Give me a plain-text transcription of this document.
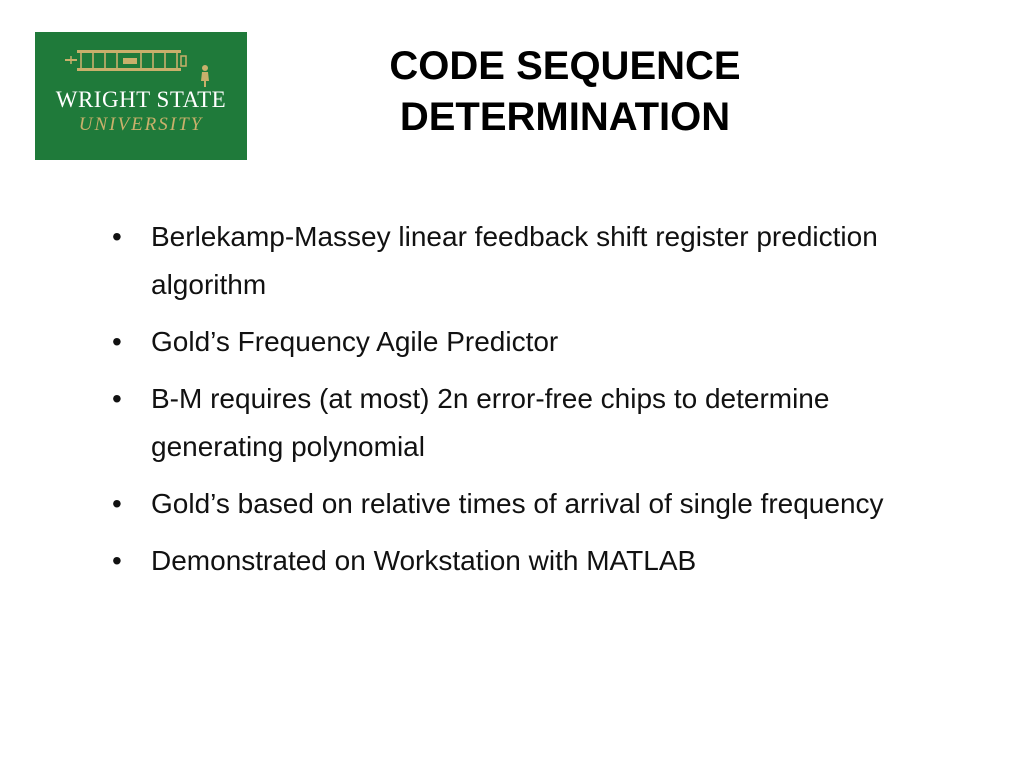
WRIGHT STATE
UNIVERSITY
CODE SEQUENCE
DETERMINATION
• Berlekamp-Massey linear feedback shift register prediction algorithm
• Gold’s Frequency Agile Predictor
• B-M requires (at most) 2n error-free chips to determine generating polynomial
• Gold’s based on relative times of arrival of single frequency
• Demonstrated on Workstation with MATLAB
